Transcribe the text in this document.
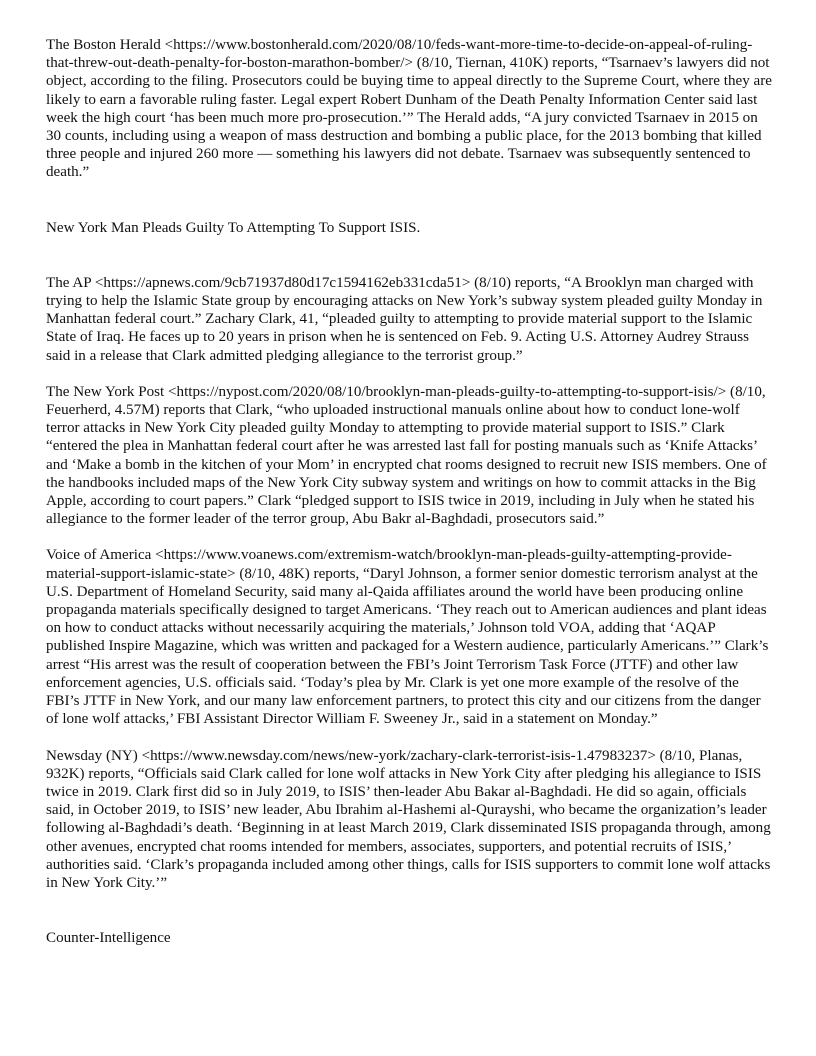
The Boston Herald <https://www.bostonherald.com/2020/08/10/feds-want-more-time-to-decide-on-appeal-of-ruling-that-threw-out-death-penalty-for-boston-marathon-bomber/> (8/10, Tiernan, 410K) reports, “Tsarnaev’s lawyers did not object, according to the filing. Prosecutors could be buying time to appeal directly to the Supreme Court, where they are likely to earn a favorable ruling faster. Legal expert Robert Dunham of the Death Penalty Information Center said last week the high court ‘has been much more pro-prosecution.’” The Herald adds, “A jury convicted Tsarnaev in 2015 on 30 counts, including using a weapon of mass destruction and bombing a public place, for the 2013 bombing that killed three people and injured 260 more — something his lawyers did not debate. Tsarnaev was subsequently sentenced to death.”

New York Man Pleads Guilty To Attempting To Support ISIS.

The AP <https://apnews.com/9cb71937d80d17c1594162eb331cda51> (8/10) reports, “A Brooklyn man charged with trying to help the Islamic State group by encouraging attacks on New York’s subway system pleaded guilty Monday in Manhattan federal court.” Zachary Clark, 41, “pleaded guilty to attempting to provide material support to the Islamic State of Iraq. He faces up to 20 years in prison when he is sentenced on Feb. 9. Acting U.S. Attorney Audrey Strauss said in a release that Clark admitted pledging allegiance to the terrorist group.”

The New York Post <https://nypost.com/2020/08/10/brooklyn-man-pleads-guilty-to-attempting-to-support-isis/> (8/10, Feuerherd, 4.57M) reports that Clark, “who uploaded instructional manuals online about how to conduct lone-wolf terror attacks in New York City pleaded guilty Monday to attempting to provide material support to ISIS.” Clark “entered the plea in Manhattan federal court after he was arrested last fall for posting manuals such as ‘Knife Attacks’ and ‘Make a bomb in the kitchen of your Mom’ in encrypted chat rooms designed to recruit new ISIS members. One of the handbooks included maps of the New York City subway system and writings on how to commit attacks in the Big Apple, according to court papers.” Clark “pledged support to ISIS twice in 2019, including in July when he stated his allegiance to the former leader of the terror group, Abu Bakr al-Baghdadi, prosecutors said.”

Voice of America <https://www.voanews.com/extremism-watch/brooklyn-man-pleads-guilty-attempting-provide-material-support-islamic-state> (8/10, 48K) reports, “Daryl Johnson, a former senior domestic terrorism analyst at the U.S. Department of Homeland Security, said many al-Qaida affiliates around the world have been producing online propaganda materials specifically designed to target Americans. ‘They reach out to American audiences and plant ideas on how to conduct attacks without necessarily acquiring the materials,’ Johnson told VOA, adding that ‘AQAP published Inspire Magazine, which was written and packaged for a Western audience, particularly Americans.’” Clark’s arrest “His arrest was the result of cooperation between the FBI’s Joint Terrorism Task Force (JTTF) and other law enforcement agencies, U.S. officials said. ‘Today’s plea by Mr. Clark is yet one more example of the resolve of the FBI’s JTTF in New York, and our many law enforcement partners, to protect this city and our citizens from the danger of lone wolf attacks,’ FBI Assistant Director William F. Sweeney Jr., said in a statement on Monday.”

Newsday (NY) <https://www.newsday.com/news/new-york/zachary-clark-terrorist-isis-1.47983237> (8/10, Planas, 932K) reports, “Officials said Clark called for lone wolf attacks in New York City after pledging his allegiance to ISIS twice in 2019. Clark first did so in July 2019, to ISIS’ then-leader Abu Bakar al-Baghdadi. He did so again, officials said, in October 2019, to ISIS’ new leader, Abu Ibrahim al-Hashemi al-Qurayshi, who became the organization’s leader following al-Baghdadi’s death. ‘Beginning in at least March 2019, Clark disseminated ISIS propaganda through, among other avenues, encrypted chat rooms intended for members, associates, supporters, and potential recruits of ISIS,’ authorities said. ‘Clark’s propaganda included among other things, calls for ISIS supporters to commit lone wolf attacks in New York City.’”

Counter-Intelligence
